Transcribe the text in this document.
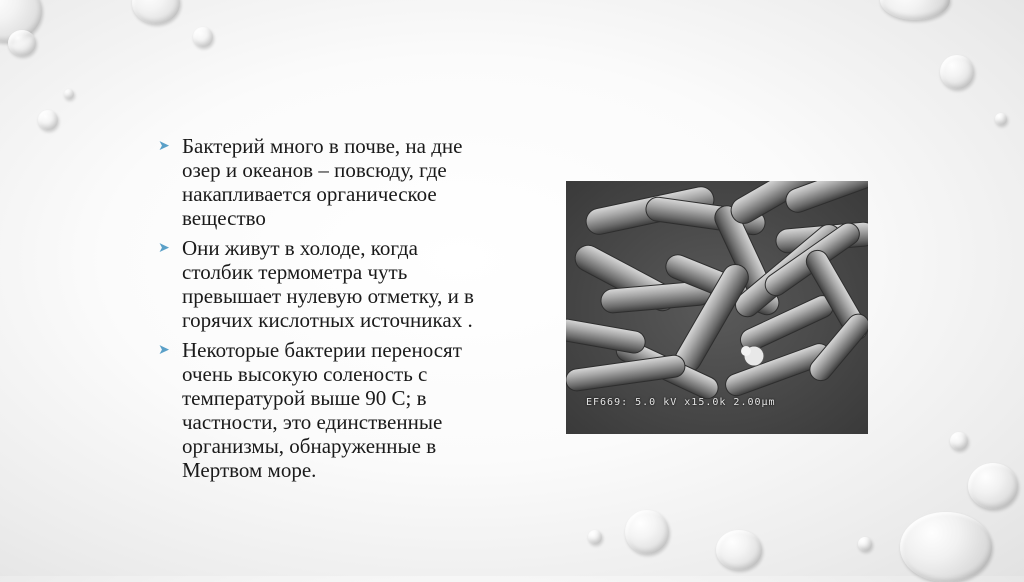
➤ Бактерий много в почве, на дне
озер и океанов – повсюду, где
накапливается органическое
вещество
➤ Они живут в холоде, когда
столбик термометра чуть
превышает нулевую отметку, и в
горячих кислотных источниках .
➤ Некоторые бактерии переносят
очень высокую соленость с
температурой выше 90 С; в
частности, это единственные
организмы, обнаруженные в
Мертвом море.
EF669: 5.0 kV x15.0k 2.00μm
